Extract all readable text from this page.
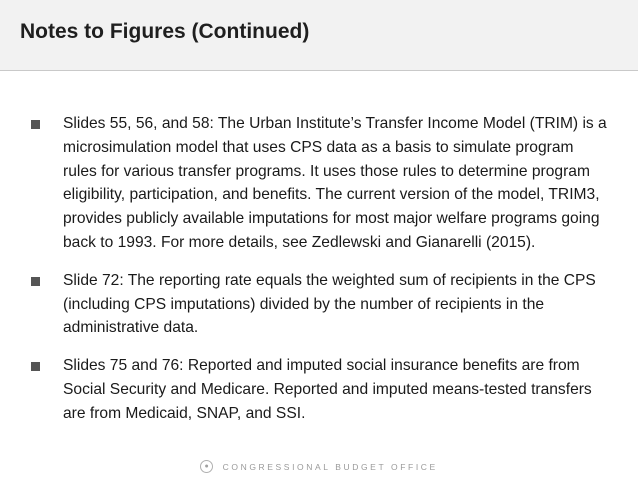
Notes to Figures (Continued)
Slides 55, 56, and 58: The Urban Institute’s Transfer Income Model (TRIM) is a microsimulation model that uses CPS data as a basis to simulate program rules for various transfer programs. It uses those rules to determine program eligibility, participation, and benefits. The current version of the model, TRIM3, provides publicly available imputations for most major welfare programs going back to 1993. For more details, see Zedlewski and Gianarelli (2015).
Slide 72: The reporting rate equals the weighted sum of recipients in the CPS (including CPS imputations) divided by the number of recipients in the administrative data.
Slides 75 and 76: Reported and imputed social insurance benefits are from Social Security and Medicare. Reported and imputed means-tested transfers are from Medicaid, SNAP, and SSI.
● CONGRESSIONAL BUDGET OFFICE
